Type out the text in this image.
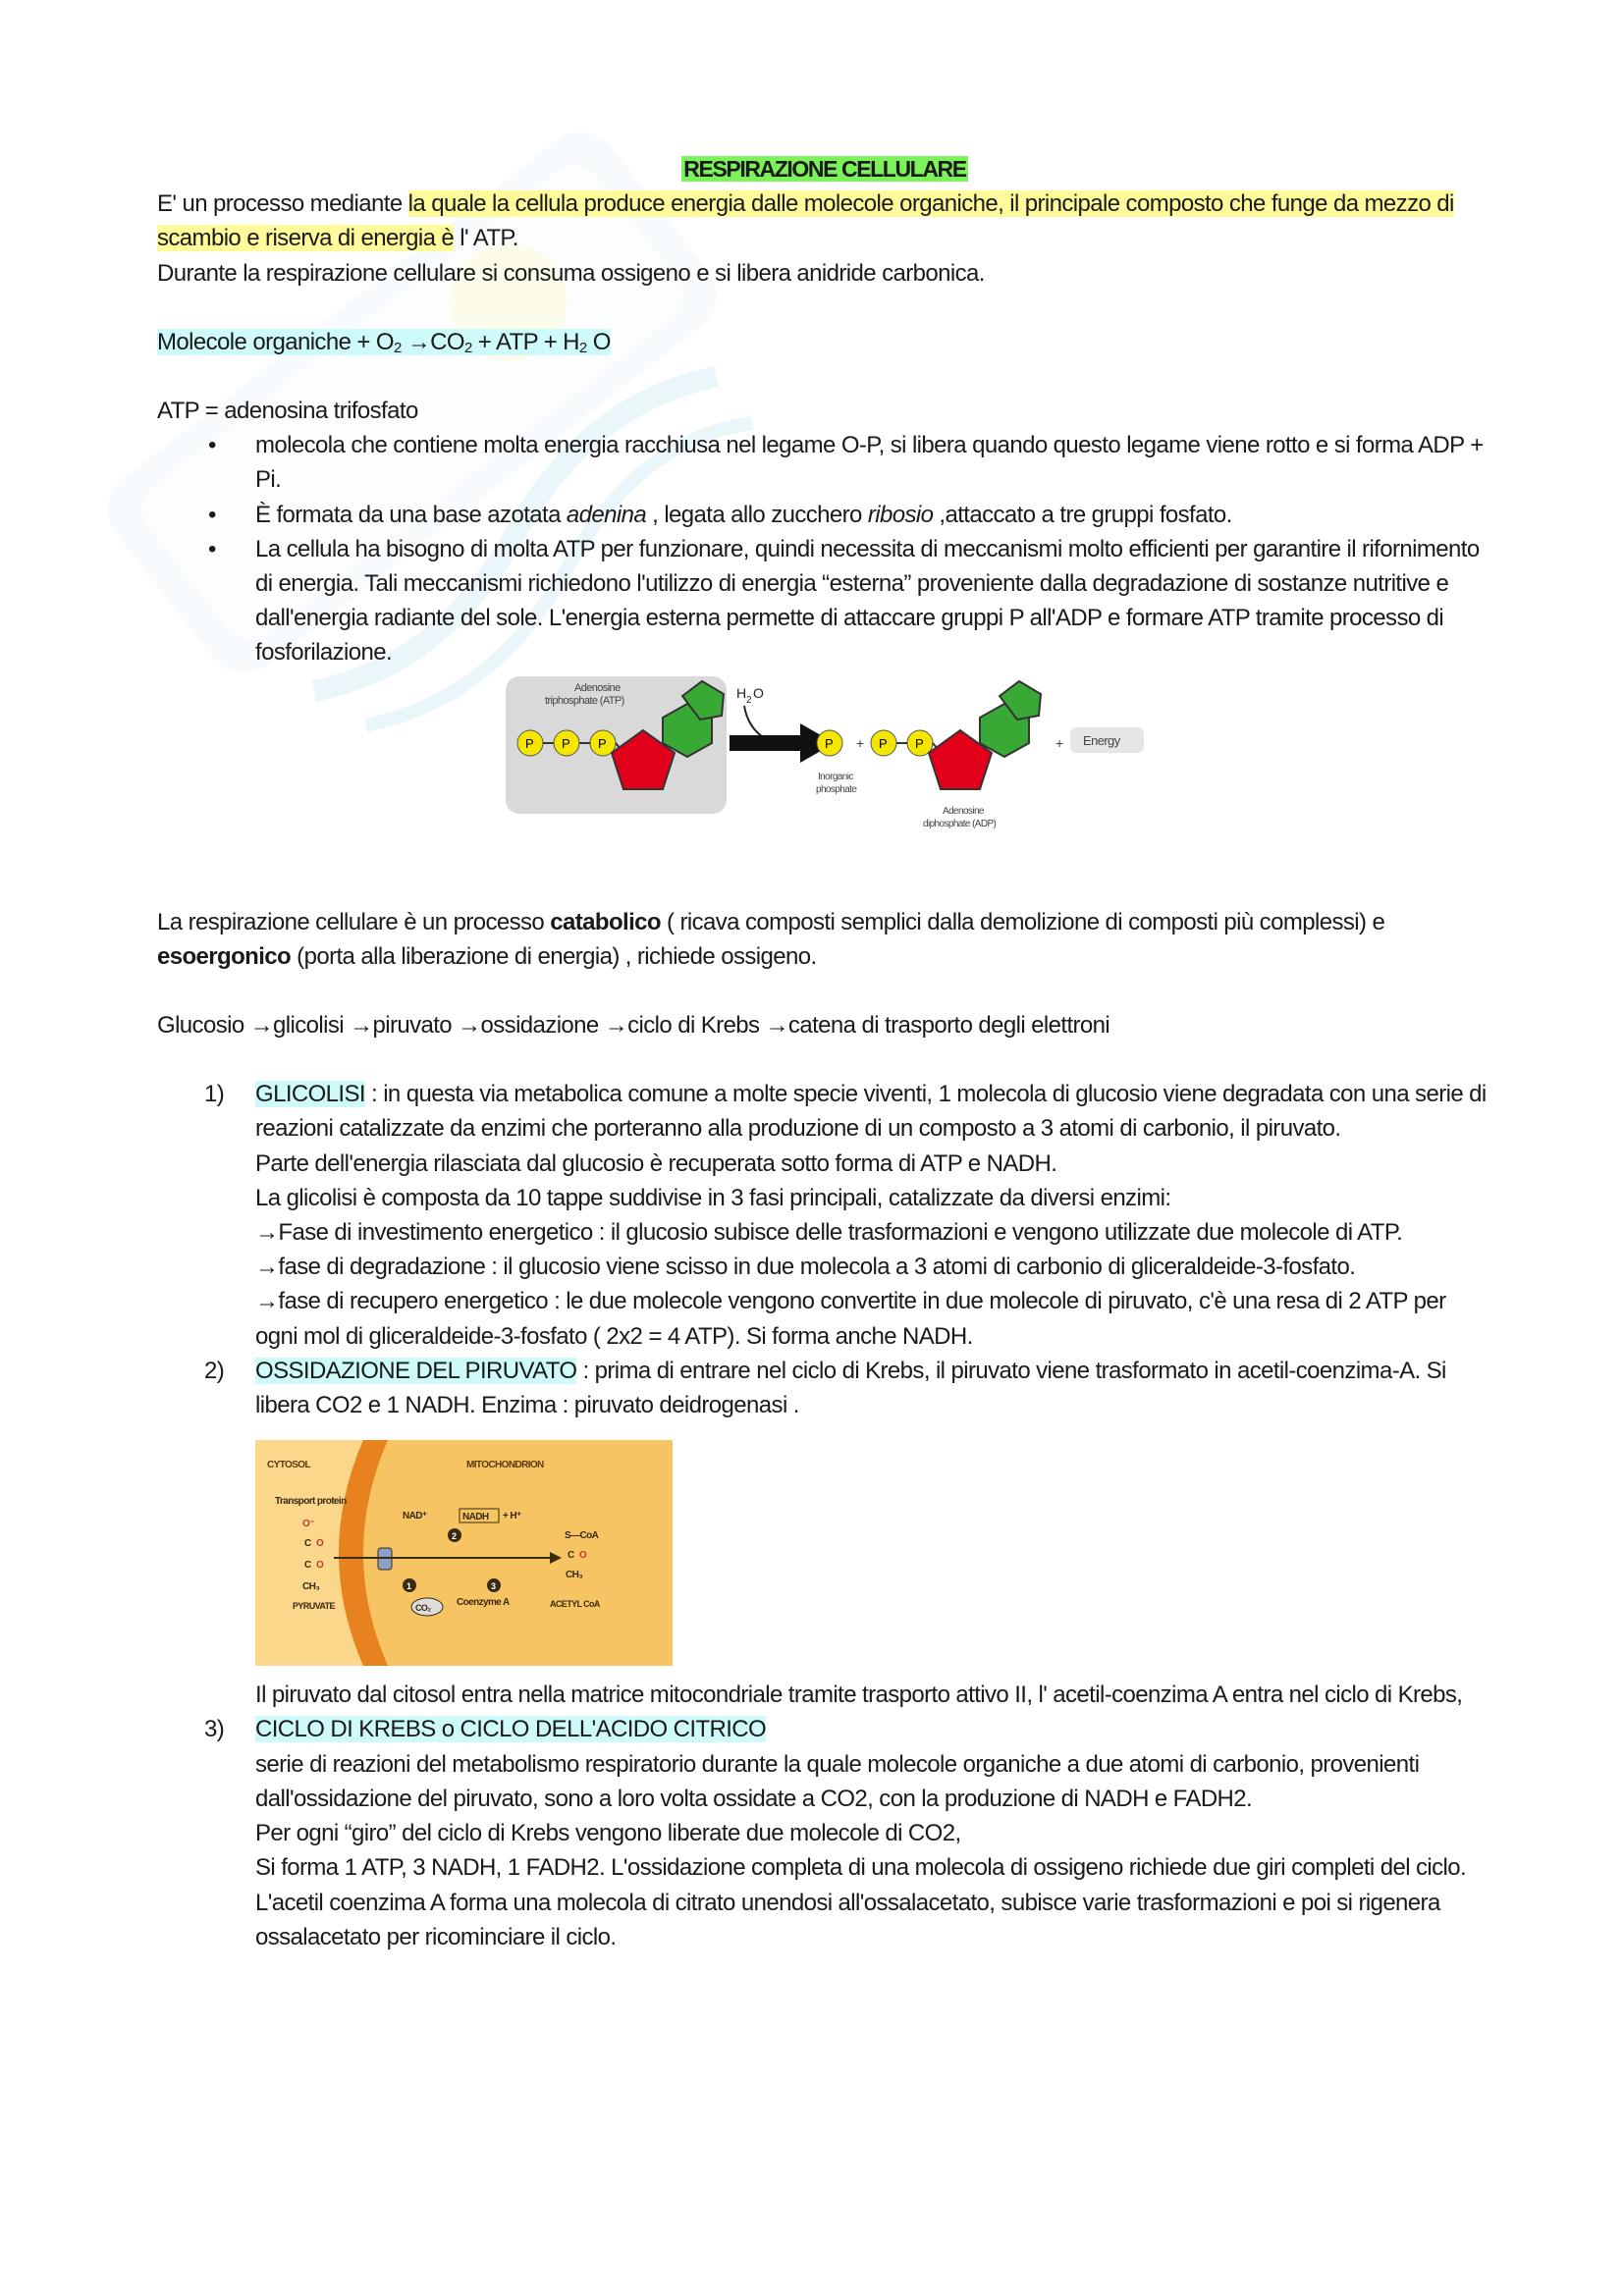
RESPIRAZIONE CELLULARE

E' un processo mediante la quale la cellula produce energia dalle molecole organiche, il principale composto che funge da mezzo di scambio e riserva di energia è l' ATP.

Durante la respirazione cellulare si consuma ossigeno e si libera anidride carbonica.

Molecole organiche + $O_2 \to CO_2$ + ATP + $H_2$ O

ATP = adenosina trifosfato

• molecola che contiene molta energia racchiusa nel legame O-P, si libera quando questo legame viene rotto e si forma ADP + Pi.
• È formata da una base azotata adenina , legata allo zucchero ribosio ,attaccato a tre gruppi fosfato.
• La cellula ha bisogno di molta ATP per funzionare, quindi necessita di meccanismi molto efficienti per garantire il rifornimento di energia. Tali meccanismi richiedono l'utilizzo di energia “esterna” proveniente dalla degradazione di sostanze nutritive e dall'energia radiante del sole. L'energia esterna permette di attaccare gruppi P all'ADP e formare ATP tramite processo di fosforilazione.
Adenosine
triphosphate (ATP)
P P P
H 2 O
P
Inorganic
phosphate
+ P P
Adenosine
diphosphate (ADP)
+ Energy

La respirazione cellulare è un processo catabolico ( ricava composti semplici dalla demolizione di composti più complessi) e esoergonico (porta alla liberazione di energia) , richiede ossigeno.

Glucosio →glicolisi →piruvato →ossidazione →ciclo di Krebs →catena di trasporto degli elettroni

1) GLICOLISI : in questa via metabolica comune a molte specie viventi, 1 molecola di glucosio viene degradata con una serie di reazioni catalizzate da enzimi che porteranno alla produzione di un composto a 3 atomi di carbonio, il piruvato.

Parte dell'energia rilasciata dal glucosio è recuperata sotto forma di ATP e NADH.

La glicolisi è composta da 10 tappe suddivise in 3 fasi principali, catalizzate da diversi enzimi:

→Fase di investimento energetico : il glucosio subisce delle trasformazioni e vengono utilizzate due molecole di ATP.

→fase di degradazione : il glucosio viene scisso in due molecola a 3 atomi di carbonio di gliceraldeide-3-fosfato.

→fase di recupero energetico : le due molecole vengono convertite in due molecole di piruvato, c'è una resa di 2 ATP per ogni mol di gliceraldeide-3-fosfato ( 2x2 = 4 ATP). Si forma anche NADH.

2) OSSIDAZIONE DEL PIRUVATO : prima di entrare nel ciclo di Krebs, il piruvato viene trasformato in acetil-coenzima-A. Si libera CO2 e 1 NADH. Enzima : piruvato deidrogenasi .
CYTOSOL	MITOCHONDRION
Transport protein
O⁻
C O
C O
CH₃
PYRUVATE
NAD⁺	NADH + H⁺
2
1	3
CO₂	Coenzyme A
S—CoA
C O
CH₃
ACETYL CoA

Il piruvato dal citosol entra nella matrice mitocondriale tramite trasporto attivo II, l' acetil-coenzima A entra nel ciclo di Krebs,

3) CICLO DI KREBS o CICLO DELL'ACIDO CITRICO

serie di reazioni del metabolismo respiratorio durante la quale molecole organiche a due atomi di carbonio, provenienti dall'ossidazione del piruvato, sono a loro volta ossidate a CO2, con la produzione di NADH e FADH2.

Per ogni “giro” del ciclo di Krebs vengono liberate due molecole di CO2,

Si forma 1 ATP, 3 NADH, 1 FADH2. L'ossidazione completa di una molecola di ossigeno richiede due giri completi del ciclo.

L'acetil coenzima A forma una molecola di citrato unendosi all'ossalacetato, subisce varie trasformazioni e poi si rigenera ossalacetato per ricominciare il ciclo.
